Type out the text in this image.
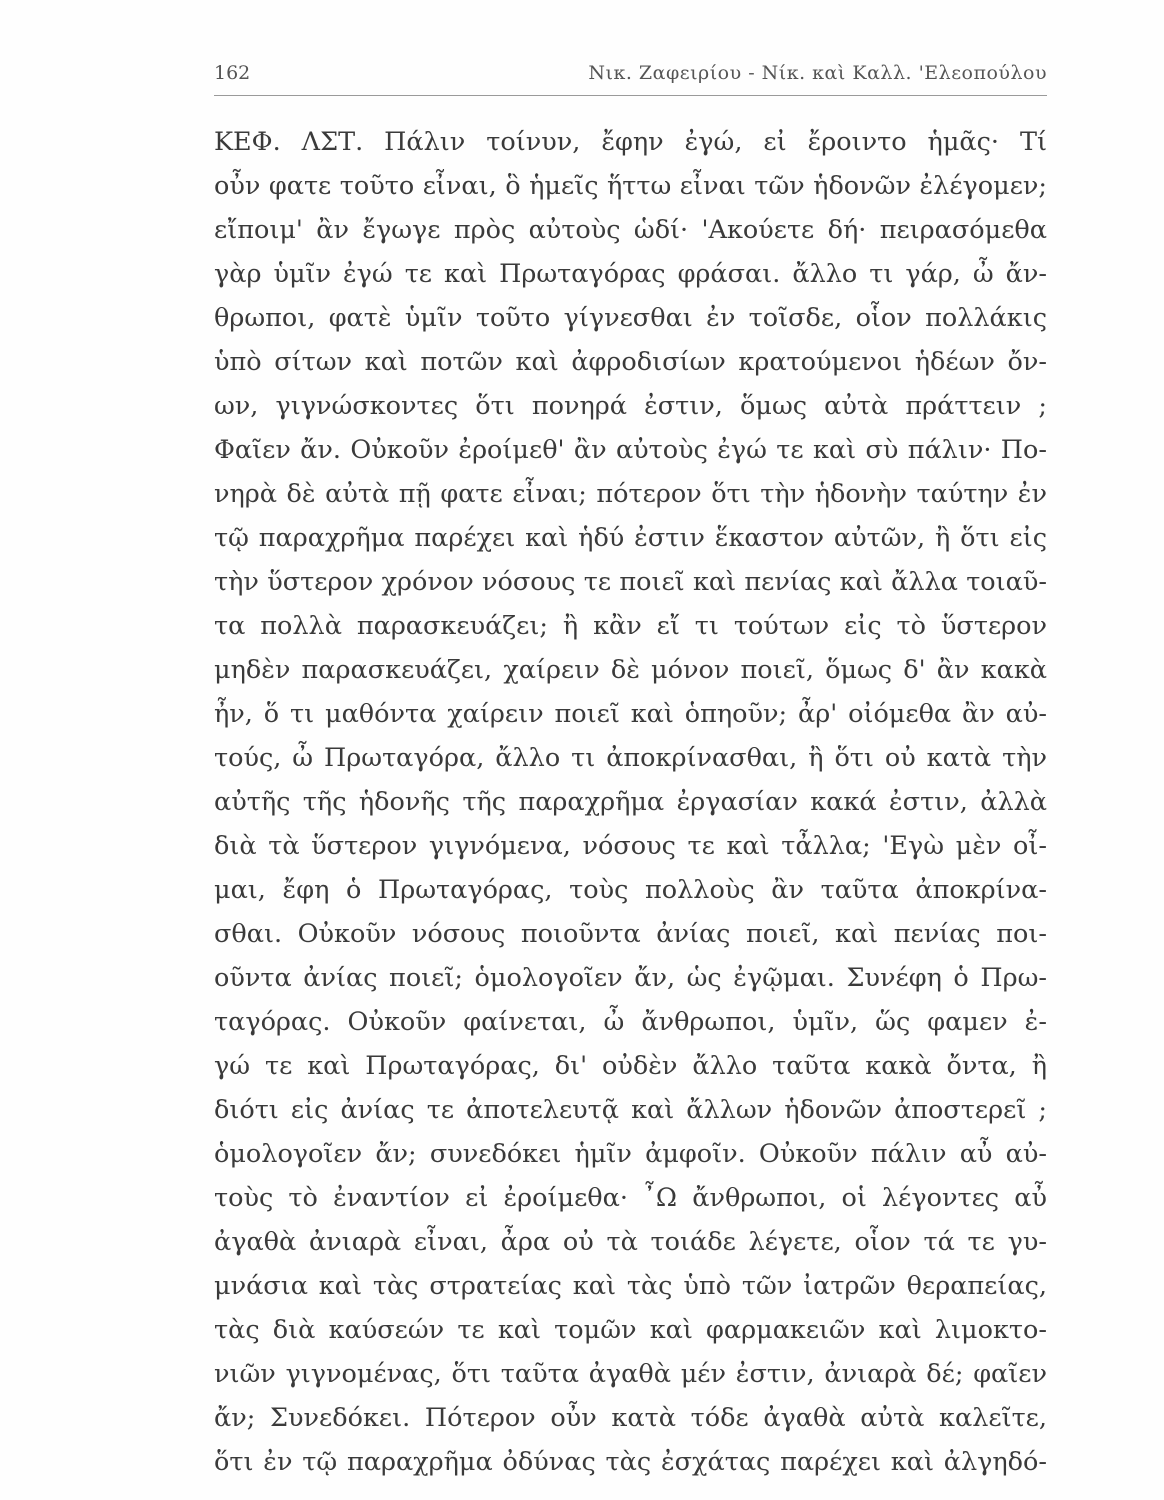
162	Νικ. Ζαφειρίου - Νίκ. καὶ Καλλ. 'Ελεοπούλου
ΚΕΦ. ΛΣΤ. Πάλιν τοίνυν, ἔφην ἐγώ, εἰ ἔροιντο ἡμᾶς· Τί
οὖν φατε τοῦτο εἶναι, ὃ ἡμεῖς ἥττω εἶναι τῶν ἡδονῶν ἐλέγομεν;
εἴποιμ' ἂν ἔγωγε πρὸς αὐτοὺς ὡδί· 'Ακούετε δή· πειρασόμεθα
γὰρ ὑμῖν ἐγώ τε καὶ Πρωταγόρας φράσαι. ἄλλο τι γάρ, ὦ ἄν-
θρωποι, φατὲ ὑμῖν τοῦτο γίγνεσθαι ἐν τοῖσδε, οἷον πολλάκις
ὑπὸ σίτων καὶ ποτῶν καὶ ἀφροδισίων κρατούμενοι ἡδέων ὄν-
ων, γιγνώσκοντες ὅτι πονηρά ἐστιν, ὅμως αὐτὰ πράττειν ;
Φαῖεν ἄν. Οὐκοῦν ἐροίμεθ' ἂν αὐτοὺς ἐγώ τε καὶ σὺ πάλιν· Πο-
νηρὰ δὲ αὐτὰ πῇ φατε εἶναι; πότερον ὅτι τὴν ἡδονὴν ταύτην ἐν
τῷ παραχρῆμα παρέχει καὶ ἡδύ ἐστιν ἕκαστον αὐτῶν, ἢ ὅτι εἰς
τὴν ὕστερον χρόνον νόσους τε ποιεῖ καὶ πενίας καὶ ἄλλα τοιαῦ-
τα πολλὰ παρασκευάζει; ἢ κἂν εἴ τι τούτων εἰς τὸ ὕστερον
μηδὲν παρασκευάζει, χαίρειν δὲ μόνον ποιεῖ, ὅμως δ' ἂν κακὰ
ἦν, ὅ τι μαθόντα χαίρειν ποιεῖ καὶ ὁπηοῦν; ἆρ' οἰόμεθα ἂν αὐ-
τούς, ὦ Πρωταγόρα, ἄλλο τι ἀποκρίνασθαι, ἢ ὅτι οὐ κατὰ τὴν
αὐτῆς τῆς ἡδονῆς τῆς παραχρῆμα ἐργασίαν κακά ἐστιν, ἀλλὰ
διὰ τὰ ὕστερον γιγνόμενα, νόσους τε καὶ τἆλλα; 'Εγὼ μὲν οἶ-
μαι, ἔφη ὁ Πρωταγόρας, τοὺς πολλοὺς ἂν ταῦτα ἀποκρίνα-
σθαι. Οὐκοῦν νόσους ποιοῦντα ἀνίας ποιεῖ, καὶ πενίας ποι-
οῦντα ἀνίας ποιεῖ; ὁμολογοῖεν ἄν, ὡς ἐγῷμαι. Συνέφη ὁ Πρω-
ταγόρας. Οὐκοῦν φαίνεται, ὦ ἄνθρωποι, ὑμῖν, ὥς φαμεν ἐ-
γώ τε καὶ Πρωταγόρας, δι' οὐδὲν ἄλλο ταῦτα κακὰ ὄντα, ἢ
διότι εἰς ἀνίας τε ἀποτελευτᾷ καὶ ἄλλων ἡδονῶν ἀποστερεῖ ;
ὁμολογοῖεν ἄν; συνεδόκει ἡμῖν ἀμφοῖν. Οὐκοῦν πάλιν αὖ αὐ-
τοὺς τὸ ἐναντίον εἰ ἐροίμεθα· ῏Ω ἄνθρωποι, οἱ λέγοντες αὖ
ἀγαθὰ ἀνιαρὰ εἶναι, ἆρα οὐ τὰ τοιάδε λέγετε, οἷον τά τε γυ-
μνάσια καὶ τὰς στρατείας καὶ τὰς ὑπὸ τῶν ἰατρῶν θεραπείας,
τὰς διὰ καύσεών τε καὶ τομῶν καὶ φαρμακειῶν καὶ λιμοκτο-
νιῶν γιγνομένας, ὅτι ταῦτα ἀγαθὰ μέν ἐστιν, ἀνιαρὰ δέ; φαῖεν
ἄν; Συνεδόκει. Πότερον οὖν κατὰ τόδε ἀγαθὰ αὐτὰ καλεῖτε,
ὅτι ἐν τῷ παραχρῆμα ὀδύνας τὰς ἐσχάτας παρέχει καὶ ἀλγηδό-
